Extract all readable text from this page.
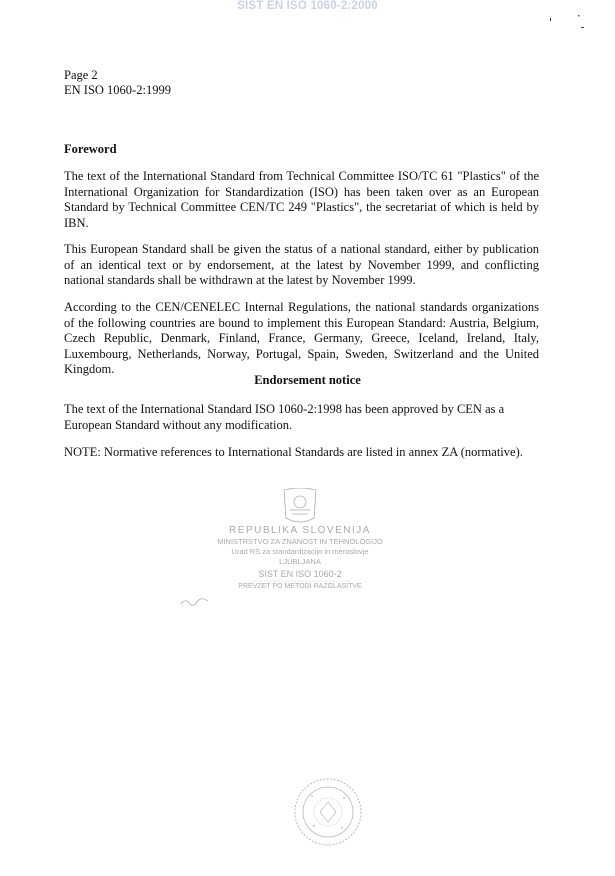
SIST EN ISO 1060-2:2000
Page 2
EN ISO 1060-2:1999
Foreword
The text of the International Standard from Technical Committee ISO/TC 61 "Plastics" of the International Organization for Standardization (ISO) has been taken over as an European Standard by Technical Committee CEN/TC 249 "Plastics", the secretariat of which is held by IBN.
This European Standard shall be given the status of a national standard, either by publication of an identical text or by endorsement, at the latest by November 1999, and conflicting national standards shall be withdrawn at the latest by November 1999.
According to the CEN/CENELEC Internal Regulations, the national standards organizations of the following countries are bound to implement this European Standard: Austria, Belgium, Czech Republic, Denmark, Finland, France, Germany, Greece, Iceland, Ireland, Italy, Luxembourg, Netherlands, Norway, Portugal, Spain, Sweden, Switzerland and the United Kingdom.
Endorsement notice
The text of the International Standard ISO 1060-2:1998 has been approved by CEN as a European Standard without any modification.
NOTE: Normative references to International Standards are listed in annex ZA (normative).
REPUBLIKA SLOVENIJA
MINISTRSTVO ZA ZNANOST IN TEHNOLOGIJO
Urad RS za standardizacijo in meroslovje
LJUBLJANA
SIST EN ISO 1060-2
PREVZET PO METODI RAZGLASITVE
